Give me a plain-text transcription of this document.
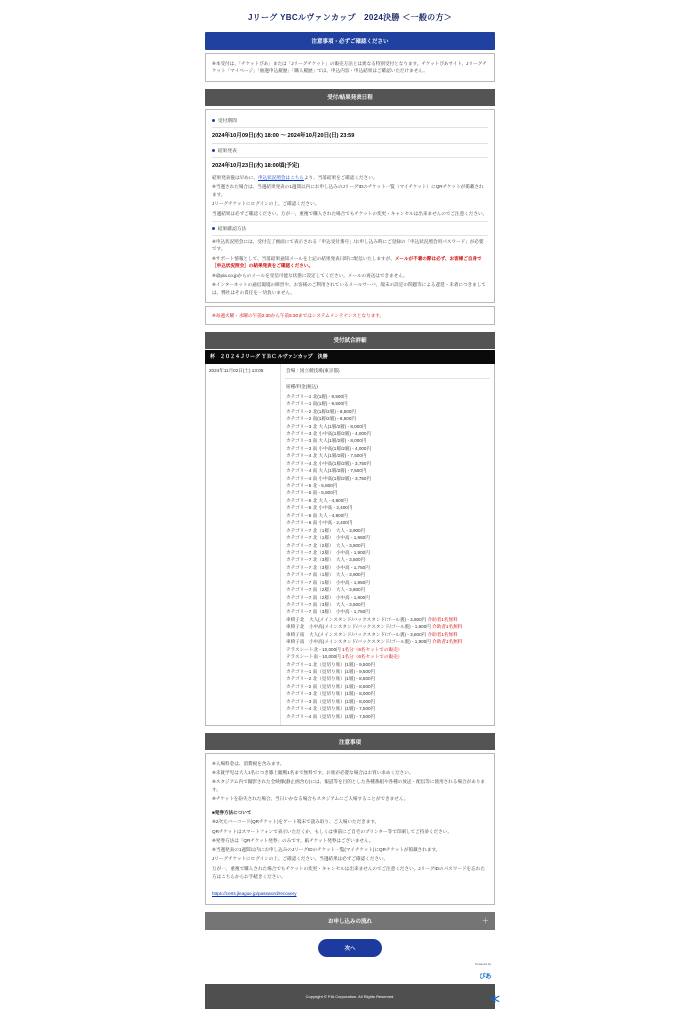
Jリーグ YBCルヴァンカップ　2024決勝 ＜一般の方＞
注意事項・必ずご確認ください

※本受付は、「チケットぴあ」または「Jリーグチケット」の販売方法とは異なる特別受付となります。チケットぴあサイト、Jリーグチケット「マイページ」「抽選申込履歴」「購入履歴」では、申込内容・申込結果はご確認いただけません。

受付/結果発表日程
受付期間
2024年10月09日(水) 18:00 ～ 2024年10月20日(日) 23:59
結果発表
2024年10月23日(水) 18:00頃(予定)

結果発表後は早めに、申込状況照会はこちらより、当落結果をご確認ください。

※当選された場合は、当選結果発表の1週間以内にお申し込みのJリーグIDのチケット一覧（マイチケット）にQRチケットが掲載されます。

Jリーグチケットにログインの上、ご確認ください。

当選結果は必ずご確認ください。万が一、重複で購入された場合でもチケットの変更・キャンセルは出来ませんのでご注意ください。

結果確認方法

※申込状況照会には、受付完了画面にて表示される「申込受付番号」/お申し込み時にご登録の「申込状況照会用パスワード」が必要です。

※サポート情報として、当落結果通知メールを上記の結果発表日時に配信いたしますが、メールが不着の際は必ず、お客様ご自身で［申込状況照会］の結果発表をご確認ください。

※@pia.co.jpからのメールを受信可能な状態に設定してください。メールの再送はできません。

※インターネットの通信環境の障害や、お客様のご利用されているメールサーバ、端末の設定の問題等による遅延・未着につきましては、弊社はその責任を一切負いません。

※毎週火曜・水曜の午前2:30から午前5:30まではシステムメンテナンスとなります。

受付試合詳細
杯　２０２４Ｊリーグ ＹＢＣ ルヴァンカップ　決勝
2024年11月02日(土) 13:05	会場：国立競技場(東京都)

席種/料金(税込)

カテゴリー1 北(1層) - 9,500円

カテゴリー1 南(1層) - 9,500円

カテゴリー2 北(1層/2層) - 8,500円

カテゴリー2 南(1層/2層) - 8,500円

カテゴリー3 北 大人(1層/2層) - 8,000円

カテゴリー3 北 小中高(1層/2層) - 4,000円

カテゴリー3 南 大人(1層/2層) - 8,000円

カテゴリー3 南 小中高(1層/2層) - 4,000円

カテゴリー4 北 大人(1層/2層) - 7,500円

カテゴリー4 北 小中高(1層/2層) - 3,750円

カテゴリー4 南 大人(1層/2層) - 7,500円

カテゴリー4 南 小中高(1層/2層) - 3,750円

カテゴリー5 北 - 5,800円

カテゴリー5 南 - 5,800円

カテゴリー6 北 大人 - 4,800円

カテゴリー6 北 小中高 - 2,400円

カテゴリー6 南 大人 - 4,800円

カテゴリー6 南 小中高 - 2,400円

カテゴリー7 北（1層）　大人 - 3,900円

カテゴリー7 北（1層）　小中高 - 1,950円

カテゴリー7 北（2層）　大人 - 3,800円

カテゴリー7 北（2層）　小中高 - 1,900円

カテゴリー7 北（3層）　大人 - 3,500円

カテゴリー7 北（3層）　小中高 - 1,750円

カテゴリー7 南（1層）　大人 - 3,900円

カテゴリー7 南（1層）　小中高 - 1,950円

カテゴリー7 南（2層）　大人 - 3,800円

カテゴリー7 南（2層）　小中高 - 1,900円

カテゴリー7 南（3層）　大人 - 3,500円

カテゴリー7 南（3層）　小中高 - 1,750円

車椅子北　大人(メインスタンド/バックスタンド/ゴール裏) - 3,800円 介助者1名無料

車椅子北　小中高(メインスタンド/バックスタンド/ゴール裏) - 1,900円 介助者1名無料

車椅子南　大人(メインスタンド/バックスタンド/ゴール裏) - 3,800円 介助者1名無料

車椅子南　小中高(メインスタンド/バックスタンド/ゴール裏) - 1,900円 介助者1名無料

テラスシート北 - 10,000円 1名分（6名セットでの販売）

テラスシート南 - 10,000円 1名分（6名セットでの販売）

カテゴリー1 北（見切り席）(1層) - 9,500円

カテゴリー1 南（見切り席）(1層) - 9,500円

カテゴリー2 北（見切り席）(1層) - 8,500円

カテゴリー2 南（見切り席）(1層) - 8,500円

カテゴリー3 北（見切り席）(1層) - 8,000円

カテゴリー3 南（見切り席）(1層) - 8,000円

カテゴリー4 北（見切り席）(1層) - 7,500円

カテゴリー4 南（見切り席）(1層) - 7,500円

注意事項

※入場料金は、消費税を含みます。

※未就学児は大人1名につき膝上観戦1名まで無料です。お席が必要な場合はお買い求めください。

※スタジアム内で撮影された全映像(静止画含む)には、報道等を目的とした各種番組や各種の放送・配信等に使用される場合があります。

※チケットを紛失された場合、当日いかなる場合もスタジアムにご入場することができません。

■発券方法について

※2次元バーコード(QRチケット)をゲート端末で読み取り、ご入場いただきます。

QRチケットはスマートフォンで表示いただくか、もしくは事前にご自宅のプリンター等で印刷してご持参ください。

※発券方法は「QRチケット発券」のみです。紙チケット発券はございません。

※当選発表の1週間以内にお申し込みのJリーグIDのチケット一覧(マイチケット)にQRチケットが掲載されます。

Jリーグチケットにログインの上、ご確認ください。当選結果は必ずご確認ください。

万が一、重複で購入された場合でもチケットの変更・キャンセルは出来ませんのでご注意ください。JリーグIDのパスワードを忘れた方はこちらからお手続きください。

https://certs.jleague.jp/password/recovery
お申し込みの流れ	＋
次へ
Powered by
ぴあ
Copyright © PIA Corporation. All Rights Reserved.	≪
